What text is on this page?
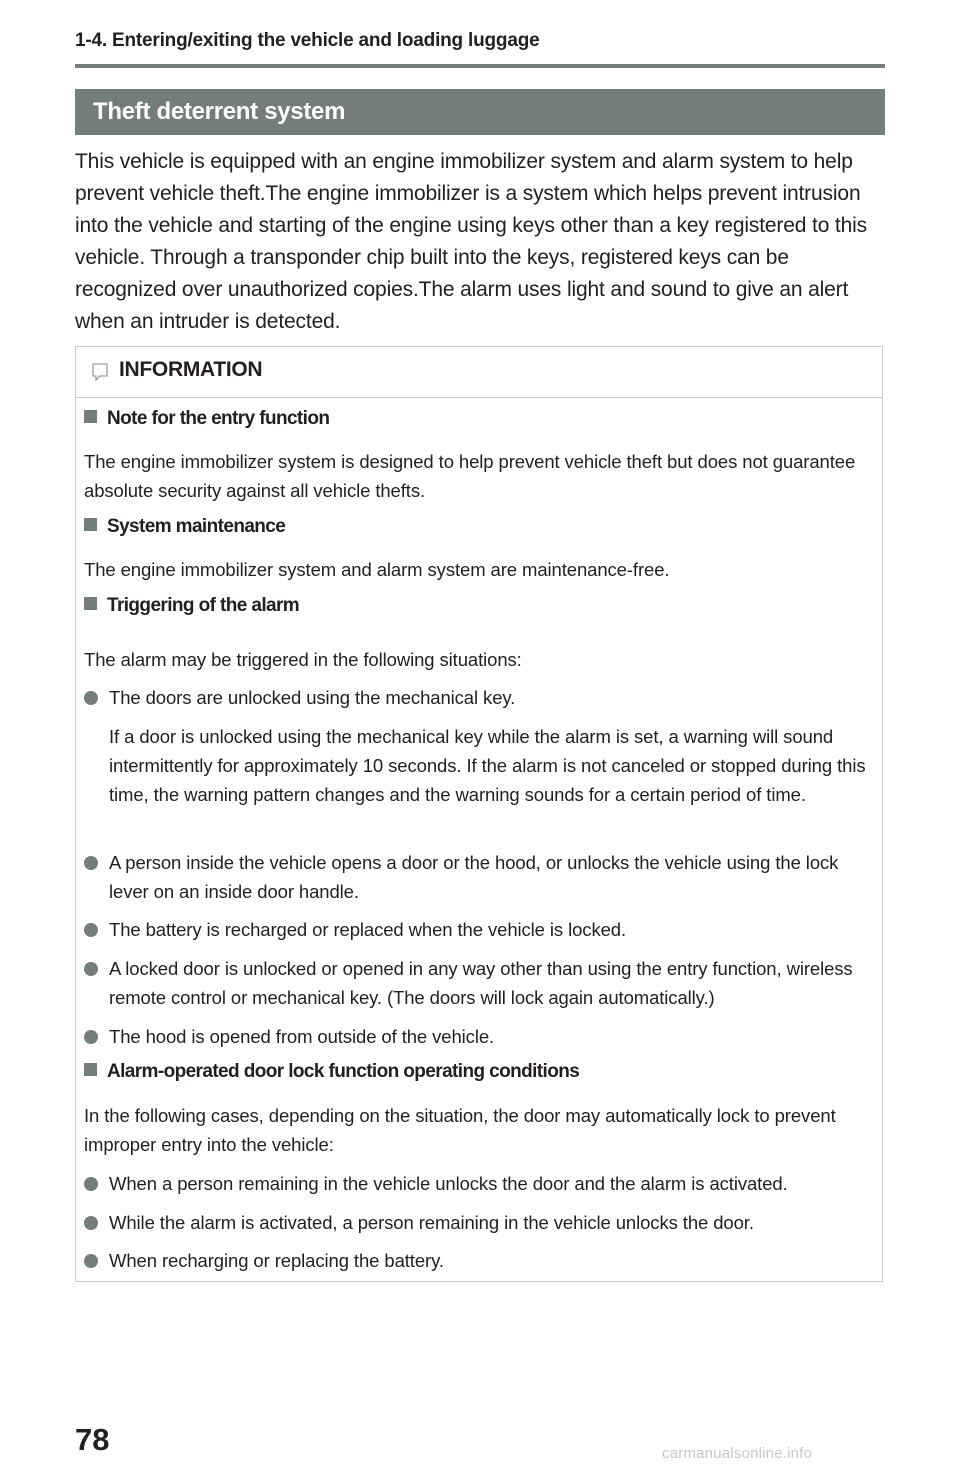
1-4. Entering/exiting the vehicle and loading luggage
Theft deterrent system

This vehicle is equipped with an engine immobilizer system and alarm system to help prevent vehicle theft.The engine immobilizer is a system which helps prevent intrusion into the vehicle and starting of the engine using keys other than a key registered to this vehicle. Through a transponder chip built into the keys, registered keys can be recognized over unauthorized copies.The alarm uses light and sound to give an alert when an intruder is detected.

INFORMATION
Note for the entry function

The engine immobilizer system is designed to help prevent vehicle theft but does not guarantee absolute security against all vehicle thefts.

System maintenance

The engine immobilizer system and alarm system are maintenance-free.

Triggering of the alarm

The alarm may be triggered in the following situations:

The doors are unlocked using the mechanical key.

If a door is unlocked using the mechanical key while the alarm is set, a warning will sound intermittently for approximately 10 seconds. If the alarm is not canceled or stopped during this time, the warning pattern changes and the warning sounds for a certain period of time.

A person inside the vehicle opens a door or the hood, or unlocks the vehicle using the lock lever on an inside door handle.
The battery is recharged or replaced when the vehicle is locked.
A locked door is unlocked or opened in any way other than using the entry function, wireless remote control or mechanical key. (The doors will lock again automatically.)
The hood is opened from outside of the vehicle.
Alarm-operated door lock function operating conditions

In the following cases, depending on the situation, the door may automatically lock to prevent improper entry into the vehicle:

When a person remaining in the vehicle unlocks the door and the alarm is activated.
While the alarm is activated, a person remaining in the vehicle unlocks the door.
When recharging or replacing the battery.
78	carmanualsonline.info
